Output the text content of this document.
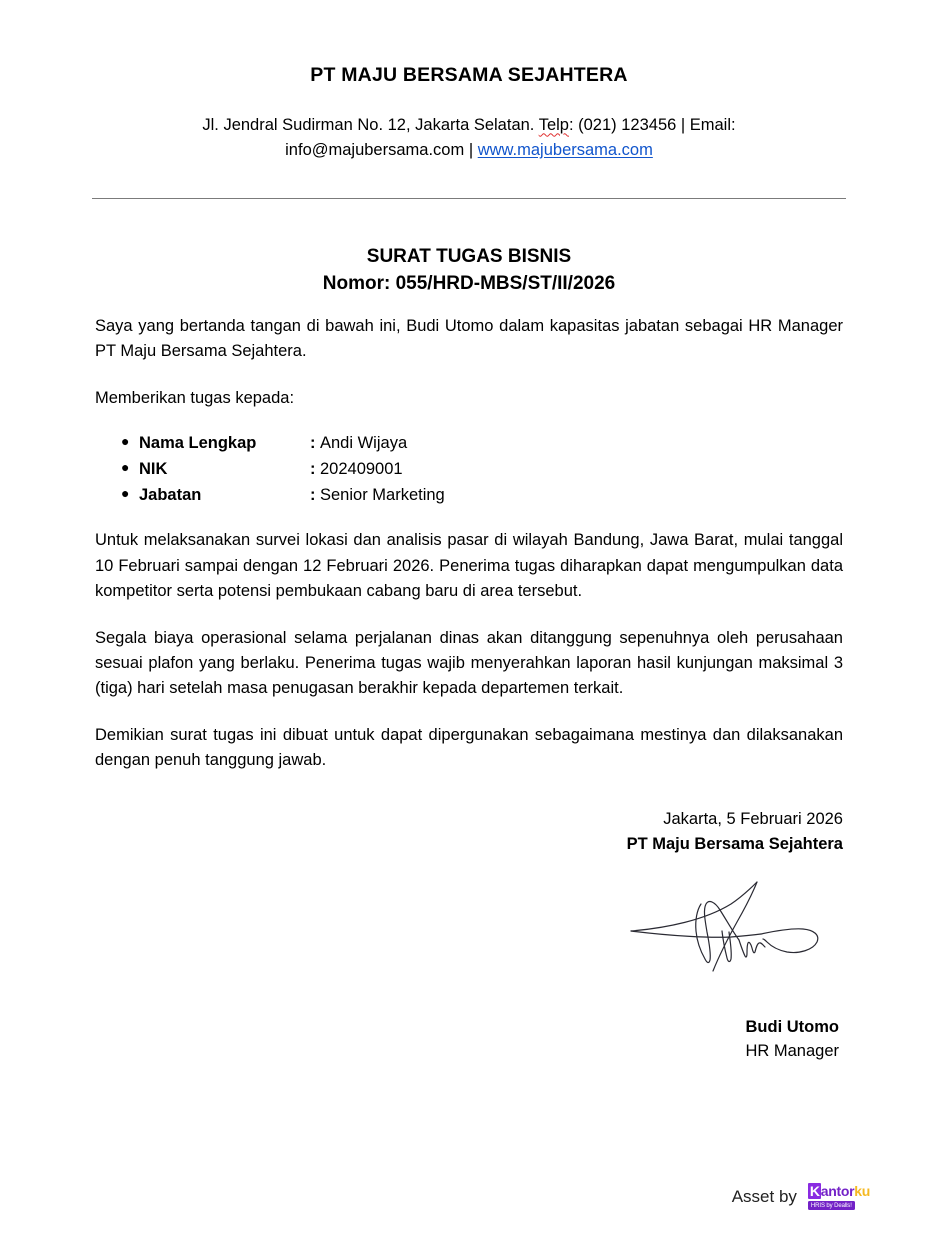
PT MAJU BERSAMA SEJAHTERA
Jl. Jendral Sudirman No. 12, Jakarta Selatan. Telp: (021) 123456 | Email: info@majubersama.com | www.majubersama.com
SURAT TUGAS BISNIS
Nomor: 055/HRD-MBS/ST/II/2026

Saya yang bertanda tangan di bawah ini, Budi Utomo dalam kapasitas jabatan sebagai HR Manager PT Maju Bersama Sejahtera.

Memberikan tugas kepada:

● Nama Lengkap	: Andi Wijaya
● NIK	: 202409001
● Jabatan	: Senior Marketing

Untuk melaksanakan survei lokasi dan analisis pasar di wilayah Bandung, Jawa Barat, mulai tanggal 10 Februari sampai dengan 12 Februari 2026. Penerima tugas diharapkan dapat mengumpulkan data kompetitor serta potensi pembukaan cabang baru di area tersebut.

Segala biaya operasional selama perjalanan dinas akan ditanggung sepenuhnya oleh perusahaan sesuai plafon yang berlaku. Penerima tugas wajib menyerahkan laporan hasil kunjungan maksimal 3 (tiga) hari setelah masa penugasan berakhir kepada departemen terkait.

Demikian surat tugas ini dibuat untuk dapat dipergunakan sebagaimana mestinya dan dilaksanakan dengan penuh tanggung jawab.

Jakarta, 5 Februari 2026
PT Maju Bersama Sejahtera
Budi Utomo
HR Manager
Asset by K antor ku
HRIS by Dealls!
